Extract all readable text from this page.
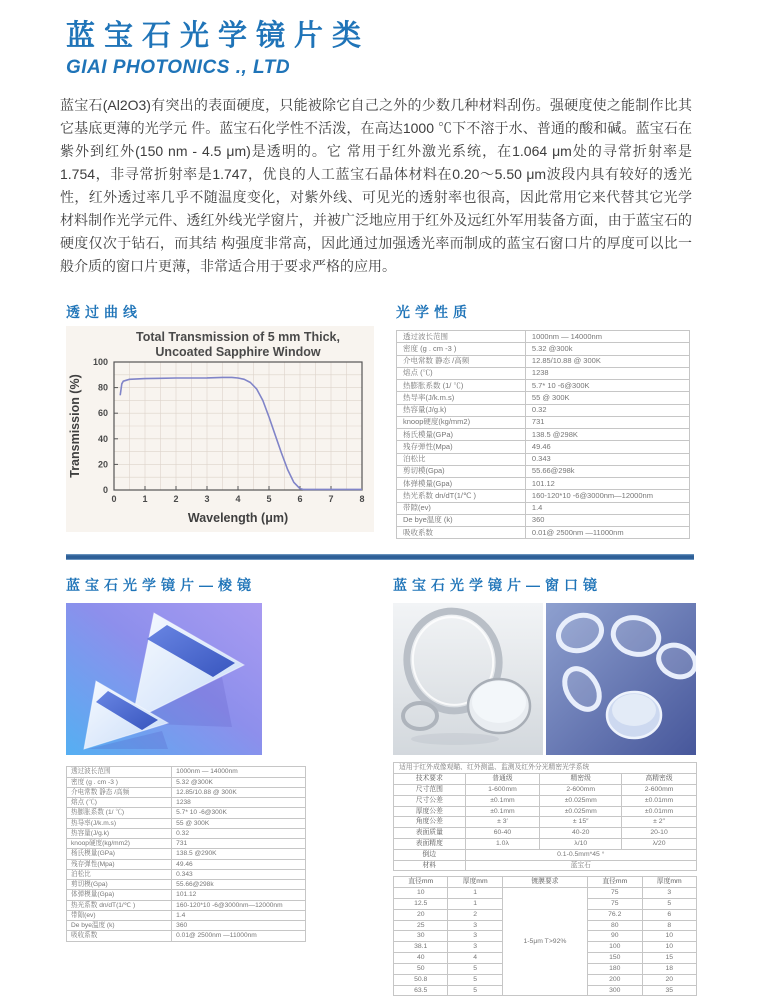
蓝宝石光学镜片类
GIAI PHOTONICS ., LTD

蓝宝石(Al2O3)有突出的表面硬度，只能被除它自己之外的少数几种材料刮伤。强硬度使之能制作比其它基底更薄的光学元 件。蓝宝石化学性不活泼，在高达1000 ℃下不溶于水、普通的酸和碱。蓝宝石在紫外到红外(150 nm - 4.5 μm)是透明的。它 常用于红外激光系统，在1.064 μm处的寻常折射率是1.754，非寻常折射率是1.747，优良的人工蓝宝石晶体材料在0.20～5.50 μm波段内具有较好的透光性，红外透过率几乎不随温度变化，对紫外线、可见光的透射率也很高，因此常用它来代替其它光学 材料制作光学元件、透红外线光学窗片，并被广泛地应用于红外及远红外军用装备方面，由于蓝宝石的硬度仅次于钻石，而其结 构强度非常高，因此通过加强透光率而制成的蓝宝石窗口片的厚度可以比一般介质的窗口片更薄，非常适合用于要求严格的应用。

透过曲线
Total Transmission of 5 mm Thick,
Uncoated Sapphire Window
0	1	2	3	4	5	6	7	8
0
20
40
60
80
100
Wavelength (μm)
Transmission (%)
光学性质
透过波长范围	1000nm — 14000nm
密度 (g . cm -3 )	5.32 @300k
介电常数 静态 /高频	12.85/10.88 @ 300K
熔点 (℃)	1238
热膨胀系数 (1/ ℃)	5.7* 10 -6@300K
热导率(J/k.m.s)	55 @ 300K
热容量(J/g.k)	0.32
knoop硬度(kg/mm2)	731
杨氏模量(GPa)	138.5 @298K
残存弹性(Mpa)	49.46
泊松比	0.343
剪切模(Gpa)	55.66@298k
体弹模量(Gpa)	101.12
热光系数 dn/dT(1/℃ )	160-120*10 -6@3000nm—12000nm
带隙(ev)	1.4
De bye温度 (k)	360
吸收系数	0.01@ 2500nm —11000nm
蓝宝石光学镜片—棱镜
透过波长范围	1000nm — 14000nm
密度 (g . cm -3 )	5.32 @300K
介电常数 静态 /高频	12.85/10.88 @ 300K
熔点 (℃)	1238
热膨胀系数 (1/ ℃)	5.7* 10 -6@300K
热导率(J/k.m.s)	55 @ 300K
热容量(J/g.k)	0.32
knoop硬度(kg/mm2)	731
杨氏模量(GPa)	138.5 @290K
残存弹性(Mpa)	49.46
泊松比	0.343
剪切模(Gpa)	55.66@298k
体弹模量(Gpa)	101.12
热光系数 dn/dT(1/℃ )	160-120*10 -6@3000nm—12000nm
带隙(ev)	1.4
De bye温度 (k)	360
吸收系数	0.01@ 2500nm —11000nm
蓝宝石光学镜片—窗口镜
适用于红外成像观瞄、红外测温、监测及红外分光精密光学系统			
技术要求	普通级	精密级	高精密级
尺寸范围	1-600mm	2-600mm	2-600mm
尺寸公差	±0.1mm	±0.025mm	±0.01mm
厚度公差	±0.1mm	±0.025mm	±0.01mm
角度公差	± 3′	± 15″	± 2″
表面质量	60-40	40-20	20-10
表面精度	1.0λ	λ/10	λ/20
倒边	0.1-0.5mm*45 °		
材料	蓝宝石		
直径mm	厚度mm	镀膜要求	直径mm	厚度mm
10	1	1-5μm T>92%	75	3
12.5	1		75	5
20	2		76.2	6
25	3		80	8
30	3		90	10
38.1	3		100	10
40	4		150	15
50	5		180	18
50.8	5		200	20
63.5	5		300	35
